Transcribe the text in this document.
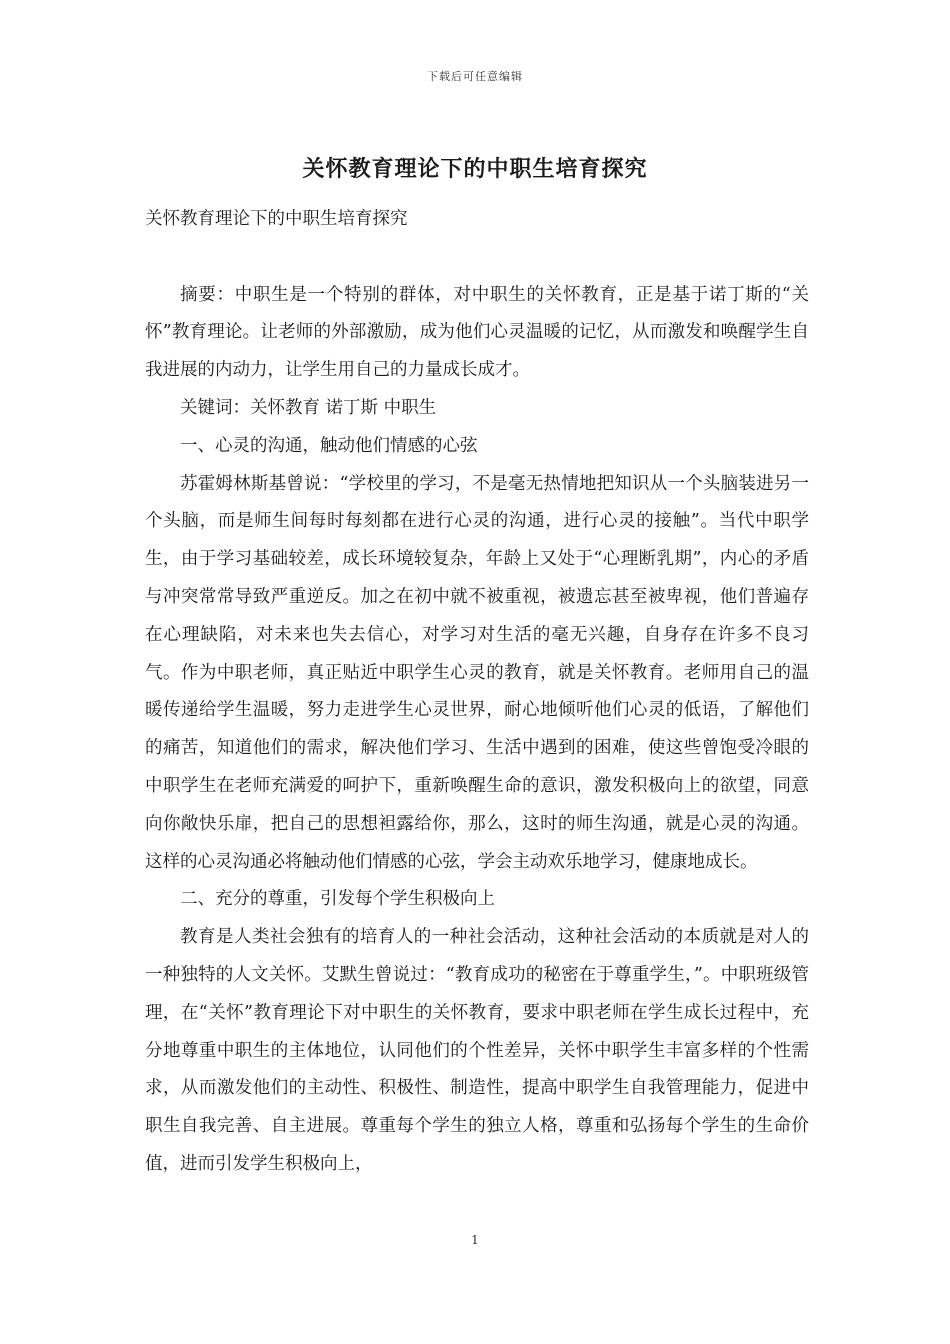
下载后可任意编辑
关怀教育理论下的中职生培育探究

关怀教育理论下的中职生培育探究

摘要：中职生是一个特别的群体，对中职生的关怀教育，正是基于诺丁斯的“关怀”教育理论。让老师的外部激励，成为他们心灵温暖的记忆，从而激发和唤醒学生自我进展的内动力，让学生用自己的力量成长成才。

关键词：关怀教育 诺丁斯 中职生

一、心灵的沟通，触动他们情感的心弦

苏霍姆林斯基曾说：“学校里的学习，不是毫无热情地把知识从一个头脑装进另一个头脑，而是师生间每时每刻都在进行心灵的沟通，进行心灵的接触”。当代中职学生，由于学习基础较差，成长环境较复杂，年龄上又处于“心理断乳期”，内心的矛盾与冲突常常导致严重逆反。加之在初中就不被重视，被遗忘甚至被卑视，他们普遍存在心理缺陷，对未来也失去信心，对学习对生活的毫无兴趣，自身存在许多不良习气。作为中职老师，真正贴近中职学生心灵的教育，就是关怀教育。老师用自己的温暖传递给学生温暖，努力走进学生心灵世界，耐心地倾听他们心灵的低语，了解他们的痛苦，知道他们的需求，解决他们学习、生活中遇到的困难，使这些曾饱受冷眼的中职学生在老师充满爱的呵护下，重新唤醒生命的意识，激发积极向上的欲望，同意向你敞快乐扉，把自己的思想袒露给你，那么，这时的师生沟通，就是心灵的沟通。这样的心灵沟通必将触动他们情感的心弦，学会主动欢乐地学习，健康地成长。

二、充分的尊重，引发每个学生积极向上

教育是人类社会独有的培育人的一种社会活动，这种社会活动的本质就是对人的一种独特的人文关怀。艾默生曾说过：“教育成功的秘密在于尊重学生，”。中职班级管理，在“关怀”教育理论下对中职生的关怀教育，要求中职老师在学生成长过程中，充分地尊重中职生的主体地位，认同他们的个性差异，关怀中职学生丰富多样的个性需求，从而激发他们的主动性、积极性、制造性，提高中职学生自我管理能力，促进中职生自我完善、自主进展。尊重每个学生的独立人格，尊重和弘扬每个学生的生命价值，进而引发学生积极向上，

1
